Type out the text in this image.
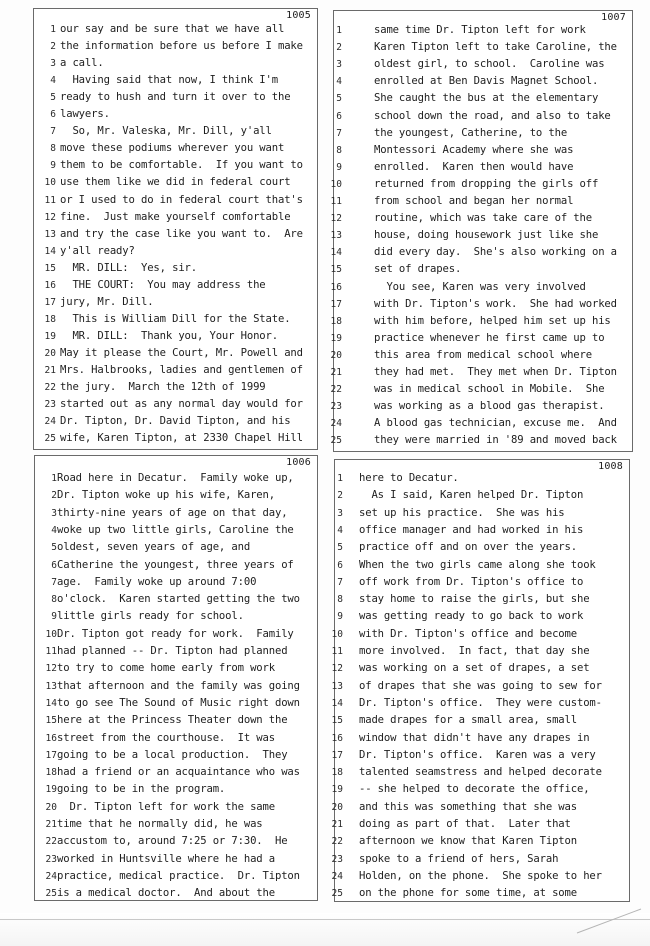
1005
1 our say and be sure that we have all
2 the information before us before I make
3 a call.
4 Having said that now, I think I'm
5 ready to hush and turn it over to the
6 lawyers.
7 So, Mr. Valeska, Mr. Dill, y'all
8 move these podiums wherever you want
9 them to be comfortable.  If you want to
10 use them like we did in federal court
11 or I used to do in federal court that's
12 fine.  Just make yourself comfortable
13 and try the case like you want to.  Are
14 y'all ready?
15 MR. DILL:  Yes, sir.
16 THE COURT:  You may address the
17 jury, Mr. Dill.
18 This is William Dill for the State.
19 MR. DILL:  Thank you, Your Honor.
20 May it please the Court, Mr. Powell and
21 Mrs. Halbrooks, ladies and gentlemen of
22 the jury.  March the 12th of 1999
23 started out as any normal day would for
24 Dr. Tipton, Dr. David Tipton, and his
25 wife, Karen Tipton, at 2330 Chapel Hill
1007
1	same time Dr. Tipton left for work
2	Karen Tipton left to take Caroline, the
3	oldest girl, to school.  Caroline was
4	enrolled at Ben Davis Magnet School.
5	She caught the bus at the elementary
6	school down the road, and also to take
7	the youngest, Catherine, to the
8	Montessori Academy where she was
9	enrolled.  Karen then would have
10	returned from dropping the girls off
11	from school and began her normal
12	routine, which was take care of the
13	house, doing housework just like she
14	did every day.  She's also working on a
15	set of drapes.
16	You see, Karen was very involved
17	with Dr. Tipton's work.  She had worked
18	with him before, helped him set up his
19	practice whenever he first came up to
20	this area from medical school where
21	they had met.  They met when Dr. Tipton
22	was in medical school in Mobile.  She
23	was working as a blood gas therapist.
24	A blood gas technician, excuse me.  And
25	they were married in '89 and moved back
1006
1 Road here in Decatur.  Family woke up,
2 Dr. Tipton woke up his wife, Karen,
3 thirty-nine years of age on that day,
4 woke up two little girls, Caroline the
5 oldest, seven years of age, and
6 Catherine the youngest, three years of
7 age.  Family woke up around 7:00
8 o'clock.  Karen started getting the two
9 little girls ready for school.
10 Dr. Tipton got ready for work.  Family
11 had planned -- Dr. Tipton had planned
12 to try to come home early from work
13 that afternoon and the family was going
14 to go see The Sound of Music right down
15 here at the Princess Theater down the
16 street from the courthouse.  It was
17 going to be a local production.  They
18 had a friend or an acquaintance who was
19 going to be in the program.
20 Dr. Tipton left for work the same
21 time that he normally did, he was
22 accustom to, around 7:25 or 7:30.  He
23 worked in Huntsville where he had a
24 practice, medical practice.  Dr. Tipton
25 is a medical doctor.  And about the
1008
1 here to Decatur.
2 As I said, Karen helped Dr. Tipton
3 set up his practice.  She was his
4 office manager and had worked in his
5 practice off and on over the years.
6 When the two girls came along she took
7 off work from Dr. Tipton's office to
8 stay home to raise the girls, but she
9 was getting ready to go back to work
10 with Dr. Tipton's office and become
11 more involved.  In fact, that day she
12 was working on a set of drapes, a set
13 of drapes that she was going to sew for
14 Dr. Tipton's office.  They were custom-
15 made drapes for a small area, small
16 window that didn't have any drapes in
17 Dr. Tipton's office.  Karen was a very
18 talented seamstress and helped decorate
19 -- she helped to decorate the office,
20 and this was something that she was
21 doing as part of that.  Later that
22 afternoon we know that Karen Tipton
23 spoke to a friend of hers, Sarah
24 Holden, on the phone.  She spoke to her
25 on the phone for some time, at some
